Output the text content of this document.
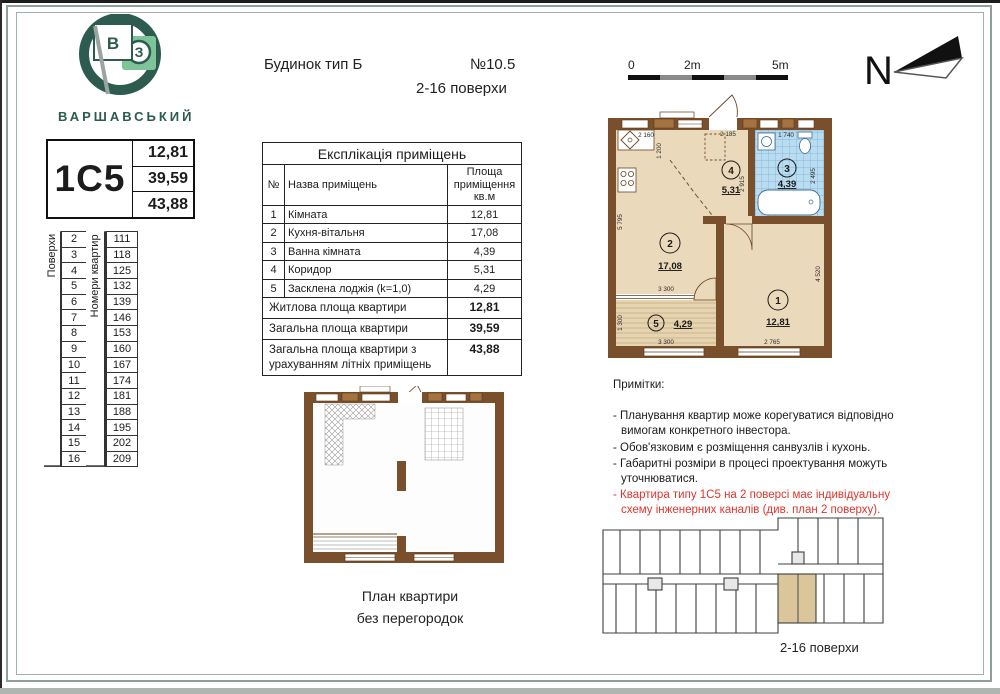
З
В
ВАРШАВСЬКИЙ
Будинок тип Б	№10.5
2-16 поверхи
1С5
12,81
39,59
43,88
Поверхи	Номери квартир
2	111
3	118
4	125
5	132
6	139
7	146
8	153
9	160
10	167
11	174
12	181
13	188
14	195
15	202
16	209
Експлікація приміщень		
№	Назва приміщень	Площа приміщення кв.м
1	Кімната	12,81
2	Кухня-вітальня	17,08
3	Ванна кімната	4,39
4	Коридор	5,31
5	Засклена лоджія (k=1,0)	4,29
Житлова площа квартири		12,81
Загальна площа квартири		39,59
Загальна площа квартири з урахуванням літніх приміщень		43,88
0	2m	5m N
2
17,08
1
12,81
4
5,31
3
4,39
5 4,29
2 160
1 200
2 185
2 915
1 740
2 495
5 795
3 300
1 300
3 300	2 765
4 520
Примітки:
- Планування квартир може корегуватися відповідно вимогам конкретного інвестора.
- Обов'язковим є розміщення санвузлів і кухонь.
- Габаритні розміри в процесі проектування можуть уточнюватися.
- Квартира типу 1С5 на 2 поверсі має індивідуальну схему інженерних каналів (див. план 2 поверху).
План квартири
без перегородок
2-16 поверхи
